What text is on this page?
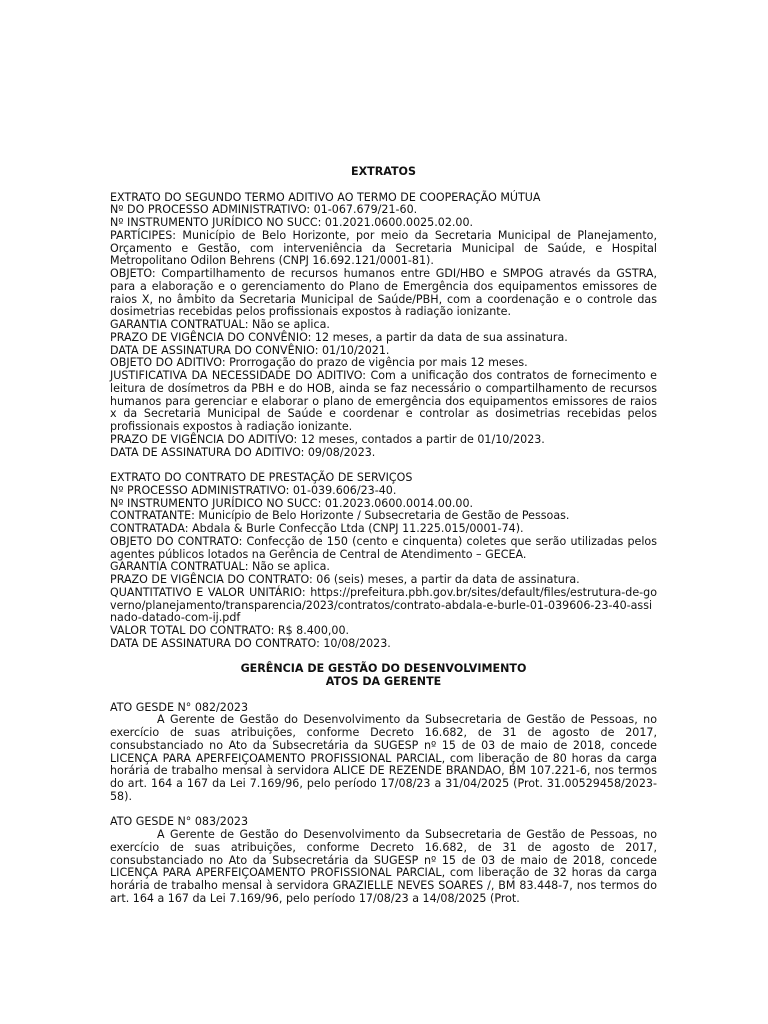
EXTRATOS

EXTRATO DO SEGUNDO TERMO ADITIVO AO TERMO DE COOPERAÇÃO MÚTUA
Nº DO PROCESSO ADMINISTRATIVO: 01-067.679/21-60.
Nº INSTRUMENTO JURÍDICO NO SUCC: 01.2021.0600.0025.02.00.

PARTÍCIPES: Município de Belo Horizonte, por meio da Secretaria Municipal de Planejamento, Orçamento e Gestão, com interveniência da Secretaria Municipal de Saúde, e Hospital Metropolitano Odilon Behrens (CNPJ 16.692.121/0001-81).

OBJETO: Compartilhamento de recursos humanos entre GDI/HBO e SMPOG através da GSTRA, para a elaboração e o gerenciamento do Plano de Emergência dos equipamentos emissores de raios X, no âmbito da Secretaria Municipal de Saúde/PBH, com a coordenação e o controle das dosimetrias recebidas pelos profissionais expostos à radiação ionizante.

GARANTIA CONTRATUAL: Não se aplica.
PRAZO DE VIGÊNCIA DO CONVÊNIO: 12 meses, a partir da data de sua assinatura.
DATA DE ASSINATURA DO CONVÊNIO: 01/10/2021.
OBJETO DO ADITIVO: Prorrogação do prazo de vigência por mais 12 meses.

JUSTIFICATIVA DA NECESSIDADE DO ADITIVO: Com a unificação dos contratos de fornecimento e leitura de dosímetros da PBH e do HOB, ainda se faz necessário o compartilhamento de recursos humanos para gerenciar e elaborar o plano de emergência dos equipamentos emissores de raios x da Secretaria Municipal de Saúde e coordenar e controlar as dosimetrias recebidas pelos profissionais expostos à radiação ionizante.

PRAZO DE VIGÊNCIA DO ADITIVO: 12 meses, contados a partir de 01/10/2023.
DATA DE ASSINATURA DO ADITIVO: 09/08/2023.
EXTRATO DO CONTRATO DE PRESTAÇÃO DE SERVIÇOS
Nº PROCESSO ADMINISTRATIVO: 01-039.606/23-40.
Nº INSTRUMENTO JURÍDICO NO SUCC: 01.2023.0600.0014.00.00.
CONTRATANTE: Município de Belo Horizonte / Subsecretaria de Gestão de Pessoas.
CONTRATADA: Abdala & Burle Confecção Ltda (CNPJ 11.225.015/0001-74).

OBJETO DO CONTRATO: Confecção de 150 (cento e cinquenta) coletes que serão utilizadas pelos agentes públicos lotados na Gerência de Central de Atendimento – GECEA.

GARANTIA CONTRATUAL: Não se aplica.
PRAZO DE VIGÊNCIA DO CONTRATO: 06 (seis) meses, a partir da data de assinatura.

QUANTITATIVO E VALOR UNITÁRIO: https://prefeitura.pbh.gov.br/sites/default/files/estrutura-de-governo/planejamento/transparencia/2023/contratos/contrato-abdala-e-burle-01-039606-23-40-assinado-datado-com-ij.pdf

VALOR TOTAL DO CONTRATO: R$ 8.400,00.
DATA DE ASSINATURA DO CONTRATO: 10/08/2023.

GERÊNCIA DE GESTÃO DO DESENVOLVIMENTO

ATOS DA GERENTE

ATO GESDE N° 082/2023

A Gerente de Gestão do Desenvolvimento da Subsecretaria de Gestão de Pessoas, no exercício de suas atribuições, conforme Decreto 16.682, de 31 de agosto de 2017, consubstanciado no Ato da Subsecretária da SUGESP nº 15 de 03 de maio de 2018, concede LICENÇA PARA APERFEIÇOAMENTO PROFISSIONAL PARCIAL, com liberação de 80 horas da carga horária de trabalho mensal à servidora ALICE DE REZENDE BRANDAO, BM 107.221-6, nos termos do art. 164 a 167 da Lei 7.169/96, pelo período 17/08/23 a 31/04/2025 (Prot. 31.00529458/2023-58).

ATO GESDE N° 083/2023

A Gerente de Gestão do Desenvolvimento da Subsecretaria de Gestão de Pessoas, no exercício de suas atribuições, conforme Decreto 16.682, de 31 de agosto de 2017, consubstanciado no Ato da Subsecretária da SUGESP nº 15 de 03 de maio de 2018, concede LICENÇA PARA APERFEIÇOAMENTO PROFISSIONAL PARCIAL, com liberação de 32 horas da carga horária de trabalho mensal à servidora GRAZIELLE NEVES SOARES /, BM 83.448-7, nos termos do art. 164 a 167 da Lei 7.169/96, pelo período 17/08/23 a 14/08/2025 (Prot.
